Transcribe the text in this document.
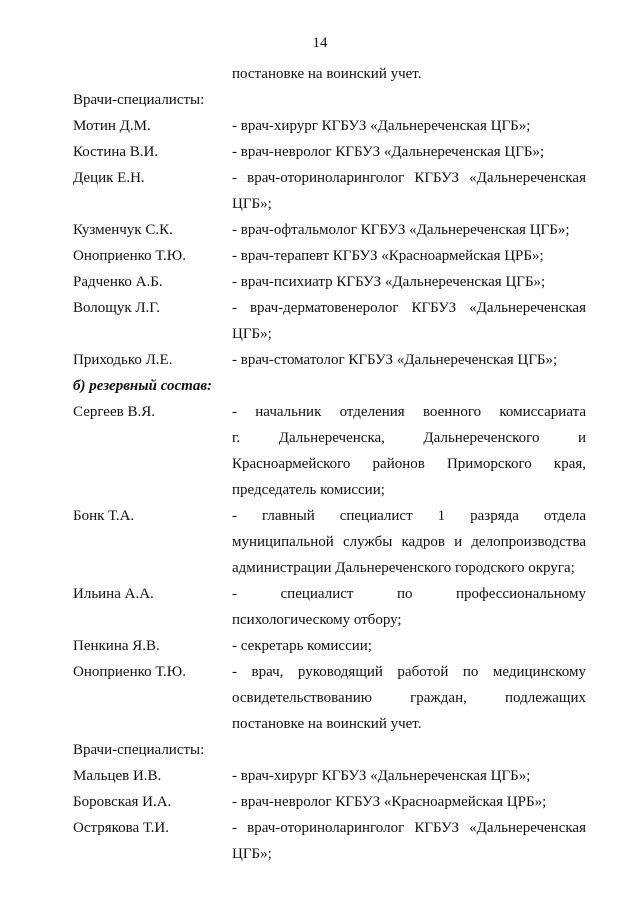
14
постановке на воинский учет.
Врачи-специалисты:
Мотин Д.М.	- врач-хирург КГБУЗ «Дальнереченская ЦГБ»;
Костина В.И.	- врач-невролог КГБУЗ «Дальнереченская ЦГБ»;
Децик Е.Н.	- врач-оториноларинголог КГБУЗ «Дальнереченская
ЦГБ»;
Кузменчук С.К.	- врач-офтальмолог КГБУЗ «Дальнереченская ЦГБ»;
Оноприенко Т.Ю.	- врач-терапевт КГБУЗ «Красноармейская ЦРБ»;
Радченко А.Б.	- врач-психиатр КГБУЗ «Дальнереченская ЦГБ»;
Волощук Л.Г.	- врач-дерматовенеролог КГБУЗ «Дальнереченская
ЦГБ»;
Приходько Л.Е.	- врач-стоматолог КГБУЗ «Дальнереченская ЦГБ»;
б) резервный состав:
Сергеев В.Я.	- начальник отделения военного комиссариата
г. Дальнереченска, Дальнереченского и
Красноармейского районов Приморского края,
председатель комиссии;
Бонк Т.А.	- главный специалист 1 разряда отдела
муниципальной службы кадров и делопроизводства
администрации Дальнереченского городского округа;
Ильина А.А.	- специалист по профессиональному
психологическому отбору;
Пенкина Я.В.	- секретарь комиссии;
Оноприенко Т.Ю.	- врач, руководящий работой по медицинскому
освидетельствованию граждан, подлежащих
постановке на воинский учет.
Врачи-специалисты:
Мальцев И.В.	- врач-хирург КГБУЗ «Дальнереченская ЦГБ»;
Боровская И.А.	- врач-невролог КГБУЗ «Красноармейская ЦРБ»;
Острякова Т.И.	- врач-оториноларинголог КГБУЗ «Дальнереченская
ЦГБ»;
